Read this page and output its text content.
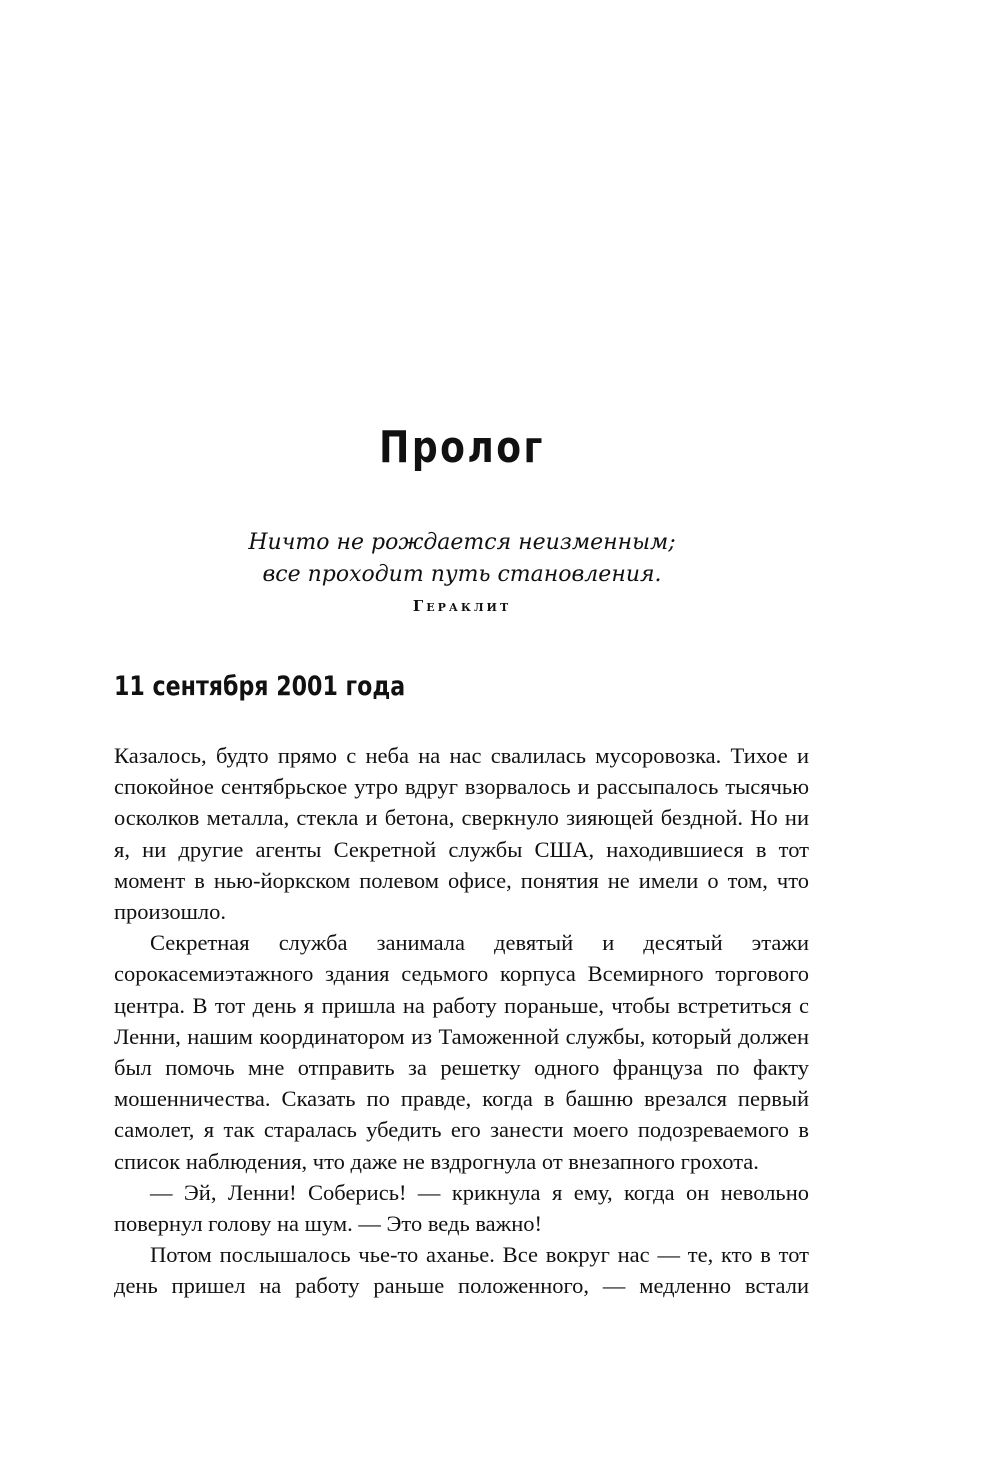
Пролог
Ничто не рождается неизменным;
все проходит путь становления.
Гераклит
11 сентября 2001 года

Казалось, будто прямо с неба на нас свалилась мусоровозка. Тихое и спокойное сентябрьское утро вдруг взорвалось и рассыпалось тысячью осколков металла, стекла и бетона, сверкнуло зияющей бездной. Но ни я, ни другие агенты Секретной службы США, находившиеся в тот момент в нью-йоркском полевом офисе, понятия не имели о том, что произошло.

Секретная служба занимала девятый и десятый этажи сорокасемиэтажного здания седьмого корпуса Всемирного торгового центра. В тот день я пришла на работу пораньше, чтобы встретиться с Ленни, нашим координатором из Таможенной службы, который должен был помочь мне отправить за решетку одного француза по факту мошенничества. Сказать по правде, когда в башню врезался первый самолет, я так старалась убедить его занести моего подозреваемого в список наблюдения, что даже не вздрогнула от внезапного грохота.

— Эй, Ленни! Соберись! — крикнула я ему, когда он невольно повернул голову на шум. — Это ведь важно!

Потом послышалось чье-то аханье. Все вокруг нас — те, кто в тот день пришел на работу раньше положенного, — медленно встали
